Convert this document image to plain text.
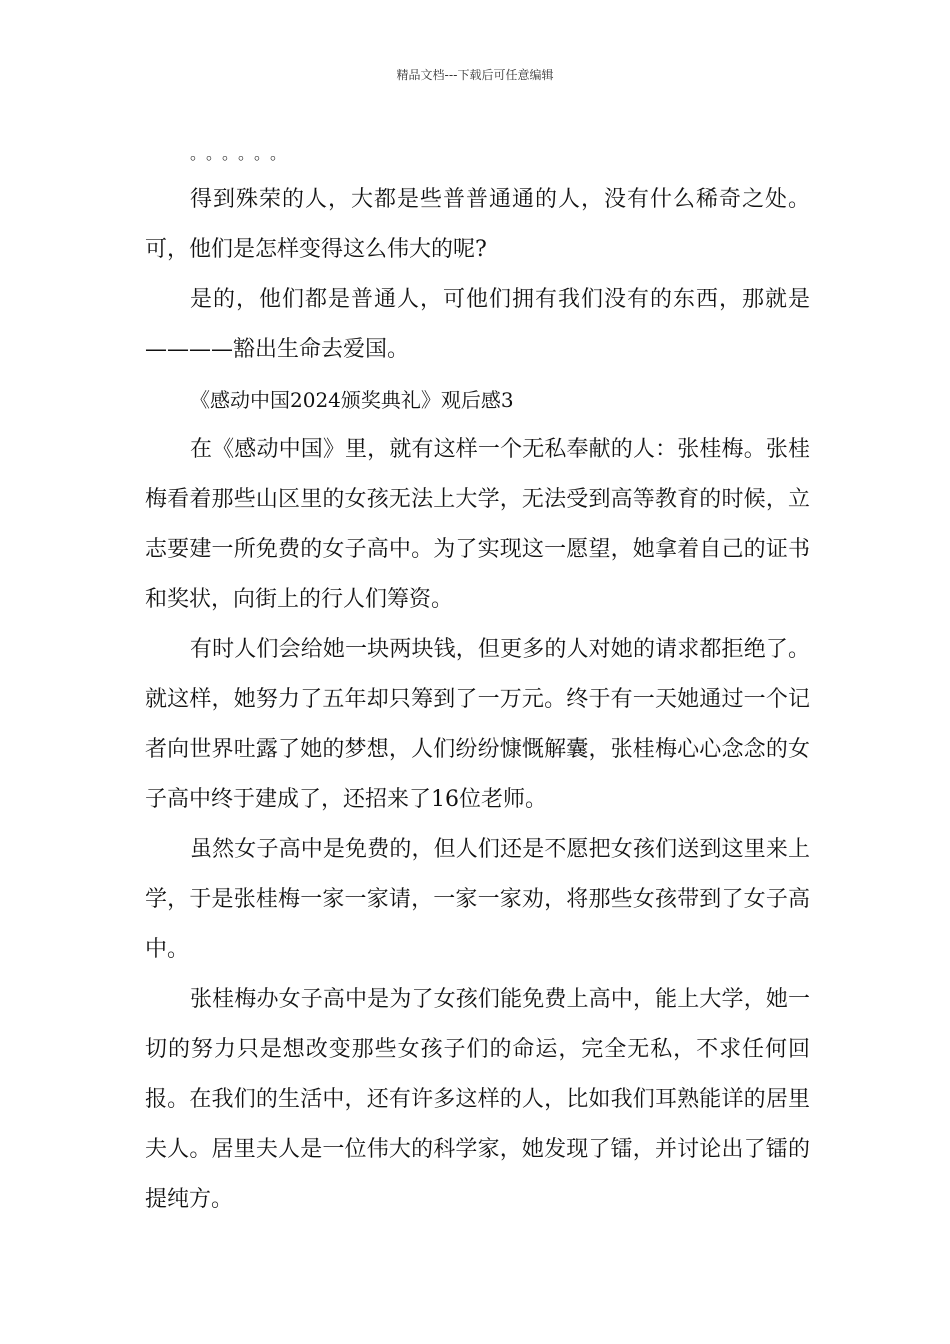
精品文档---下载后可任意编辑

。。。。。。

得到殊荣的人，大都是些普普通通的人，没有什么稀奇之处。可，他们是怎样变得这么伟大的呢?

是的，他们都是普通人，可他们拥有我们没有的东西，那就是————豁出生命去爱国。

《感动中国2024颁奖典礼》观后感3

在《感动中国》里，就有这样一个无私奉献的人：张桂梅。张桂梅看着那些山区里的女孩无法上大学，无法受到高等教育的时候，立志要建一所免费的女子高中。为了实现这一愿望，她拿着自己的证书和奖状，向街上的行人们筹资。

有时人们会给她一块两块钱，但更多的人对她的请求都拒绝了。就这样，她努力了五年却只筹到了一万元。终于有一天她通过一个记者向世界吐露了她的梦想，人们纷纷慷慨解囊，张桂梅心心念念的女子高中终于建成了，还招来了16位老师。

虽然女子高中是免费的，但人们还是不愿把女孩们送到这里来上学，于是张桂梅一家一家请，一家一家劝，将那些女孩带到了女子高中。

张桂梅办女子高中是为了女孩们能免费上高中，能上大学，她一切的努力只是想改变那些女孩子们的命运，完全无私，不求任何回报。在我们的生活中，还有许多这样的人，比如我们耳熟能详的居里夫人。居里夫人是一位伟大的科学家，她发现了镭，并讨论出了镭的提纯方。
